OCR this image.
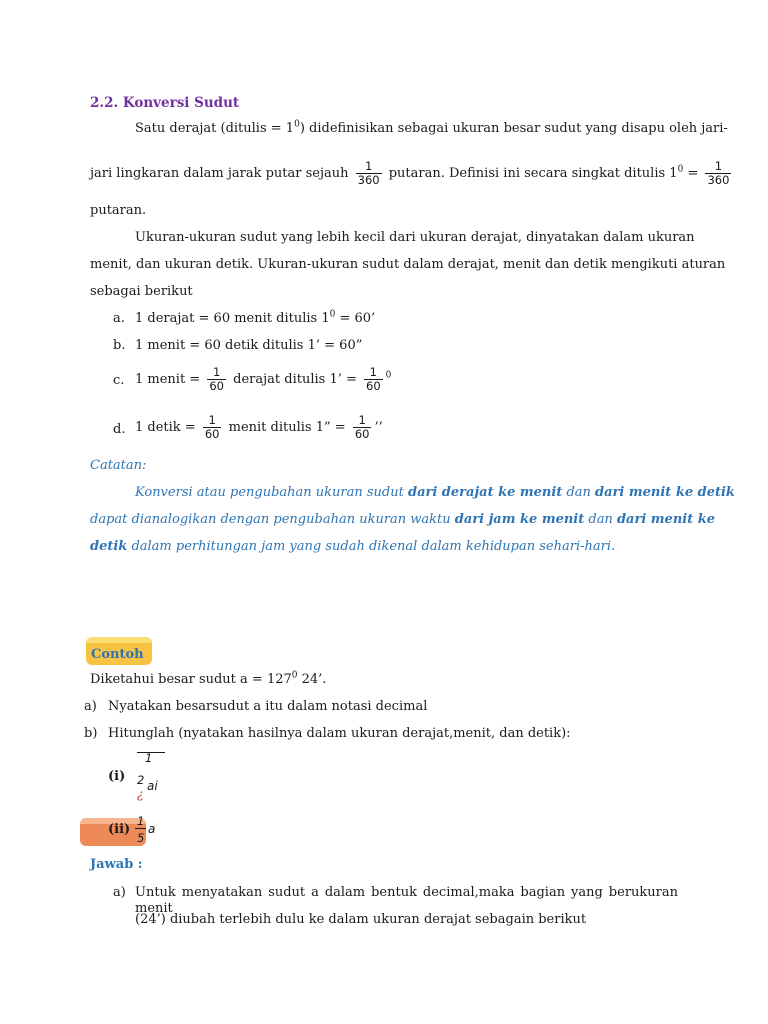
2.2. Konversi Sudut
Satu derajat (ditulis = $1^0$) didefinisikan sebagai ukuran besar sudut yang disapu oleh jari-
jari lingkaran dalam jarak putar sejauh $\frac{1}{360}$ putaran. Definisi ini secara singkat ditulis $1^0 = \frac{1}{360}$
putaran.
Ukuran-ukuran sudut yang lebih kecil dari ukuran derajat, dinyatakan dalam ukuran
menit, dan ukuran detik. Ukuran-ukuran sudut dalam derajat, menit dan detik mengikuti aturan
sebagai berikut
a. 1 derajat = 60 menit ditulis $1^0 = 60$’
b. 1 menit = 60 detik ditulis 1’ = 60”
c. 1 menit = $\frac{1}{60}$ derajat ditulis 1’ = $\frac{1}{60} ^0$
d. 1 detik = $\frac{1}{60}$ menit ditulis 1” = $\frac{1}{60}$ ’’
Catatan:
Konversi atau pengubahan ukuran sudut dari derajat ke menit dan dari menit ke detik
dapat dianalogikan dengan pengubahan ukuran waktu dari jam ke menit dan dari menit ke
detik dalam perhitungan jam yang sudah dikenal dalam kehidupan sehari-hari.
Contoh
Diketahui besar sudut $a = 127^0$ 24’.
a) Nyatakan besarsudut a itu dalam notasi decimal
b) Hitunglah (nyatakan hasilnya dalam ukuran derajat,menit, dan detik):
(i)
1
2 ai
¿
(ii)
1
5
a
Jawab :
a) Untuk menyatakan sudut a dalam bentuk decimal,maka bagian yang berukuran menit
(24’) diubah terlebih dulu ke dalam ukuran derajat sebagain berikut
